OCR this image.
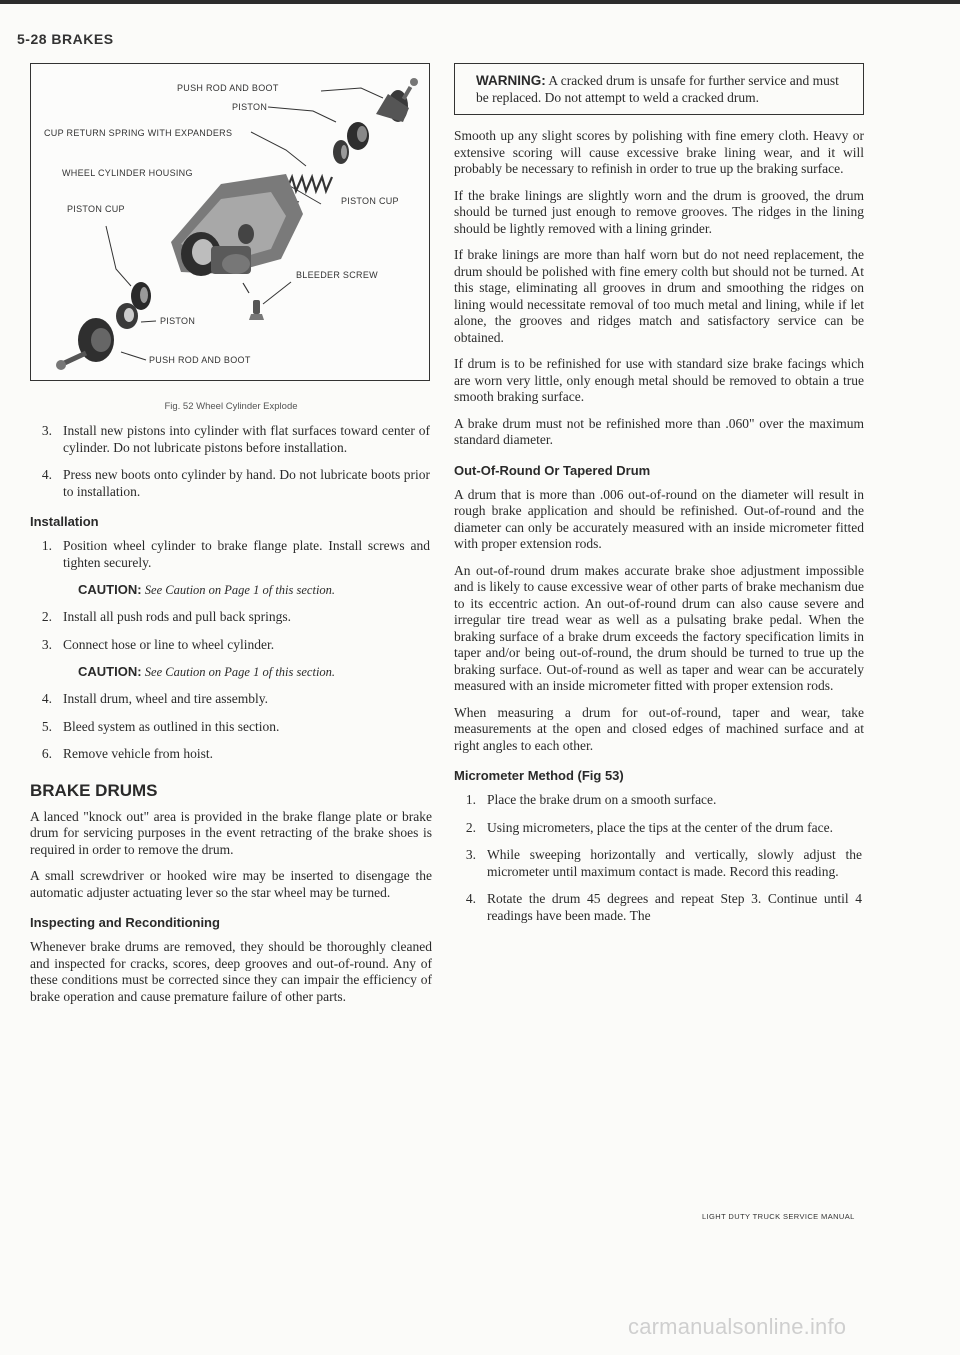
5-28 BRAKES
PUSH ROD AND BOOT
PISTON
CUP RETURN SPRING WITH EXPANDERS
WHEEL CYLINDER HOUSING
PISTON CUP
PISTON CUP
BLEEDER SCREW
PISTON
PUSH ROD AND BOOT
Fig. 52 Wheel Cylinder Explode
3. Install new pistons into cylinder with flat surfaces toward center of cylinder. Do not lubricate pistons before installation.
4. Press new boots onto cylinder by hand. Do not lubricate boots prior to installation.
Installation
1. Position wheel cylinder to brake flange plate. Install screws and tighten securely.

CAUTION: See Caution on Page 1 of this section.

2. Install all push rods and pull back springs.
3. Connect hose or line to wheel cylinder.

CAUTION: See Caution on Page 1 of this section.

4. Install drum, wheel and tire assembly.
5. Bleed system as outlined in this section.
6. Remove vehicle from hoist.
BRAKE DRUMS

A lanced "knock out" area is provided in the brake flange plate or brake drum for servicing purposes in the event retracting of the brake shoes is required in order to remove the drum.

A small screwdriver or hooked wire may be inserted to disengage the automatic adjuster actuating lever so the star wheel may be turned.

Inspecting and Reconditioning

Whenever brake drums are removed, they should be thoroughly cleaned and inspected for cracks, scores, deep grooves and out-of-round. Any of these conditions must be corrected since they can impair the efficiency of brake operation and cause premature failure of other parts.

WARNING: A cracked drum is unsafe for further service and must be replaced. Do not attempt to weld a cracked drum.

Smooth up any slight scores by polishing with fine emery cloth. Heavy or extensive scoring will cause excessive brake lining wear, and it will probably be necessary to refinish in order to true up the braking surface.

If the brake linings are slightly worn and the drum is grooved, the drum should be turned just enough to remove grooves. The ridges in the lining should be lightly removed with a lining grinder.

If brake linings are more than half worn but do not need replacement, the drum should be polished with fine emery colth but should not be turned. At this stage, eliminating all grooves in drum and smoothing the ridges on lining would necessitate removal of too much metal and lining, while if let alone, the grooves and ridges match and satisfactory service can be obtained.

If drum is to be refinished for use with standard size brake facings which are worn very little, only enough metal should be removed to obtain a true smooth braking surface.

A brake drum must not be refinished more than .060" over the maximum standard diameter.

Out-Of-Round Or Tapered Drum

A drum that is more than .006 out-of-round on the diameter will result in rough brake application and should be refinished. Out-of-round and the diameter can only be accurately measured with an inside micrometer fitted with proper extension rods.

An out-of-round drum makes accurate brake shoe adjustment impossible and is likely to cause excessive wear of other parts of brake mechanism due to its eccentric action. An out-of-round drum can also cause severe and irregular tire tread wear as well as a pulsating brake pedal. When the braking surface of a brake drum exceeds the factory specification limits in taper and/or being out-of-round, the drum should be turned to true up the braking surface. Out-of-round as well as taper and wear can be accurately measured with an inside micrometer fitted with proper extension rods.

When measuring a drum for out-of-round, taper and wear, take measurements at the open and closed edges of machined surface and at right angles to each other.

Micrometer Method (Fig 53)
1. Place the brake drum on a smooth surface.
2. Using micrometers, place the tips at the center of the drum face.
3. While sweeping horizontally and vertically, slowly adjust the micrometer until maximum contact is made. Record this reading.
4. Rotate the drum 45 degrees and repeat Step 3. Continue until 4 readings have been made. The
LIGHT DUTY TRUCK SERVICE MANUAL
carmanualsonline.info
